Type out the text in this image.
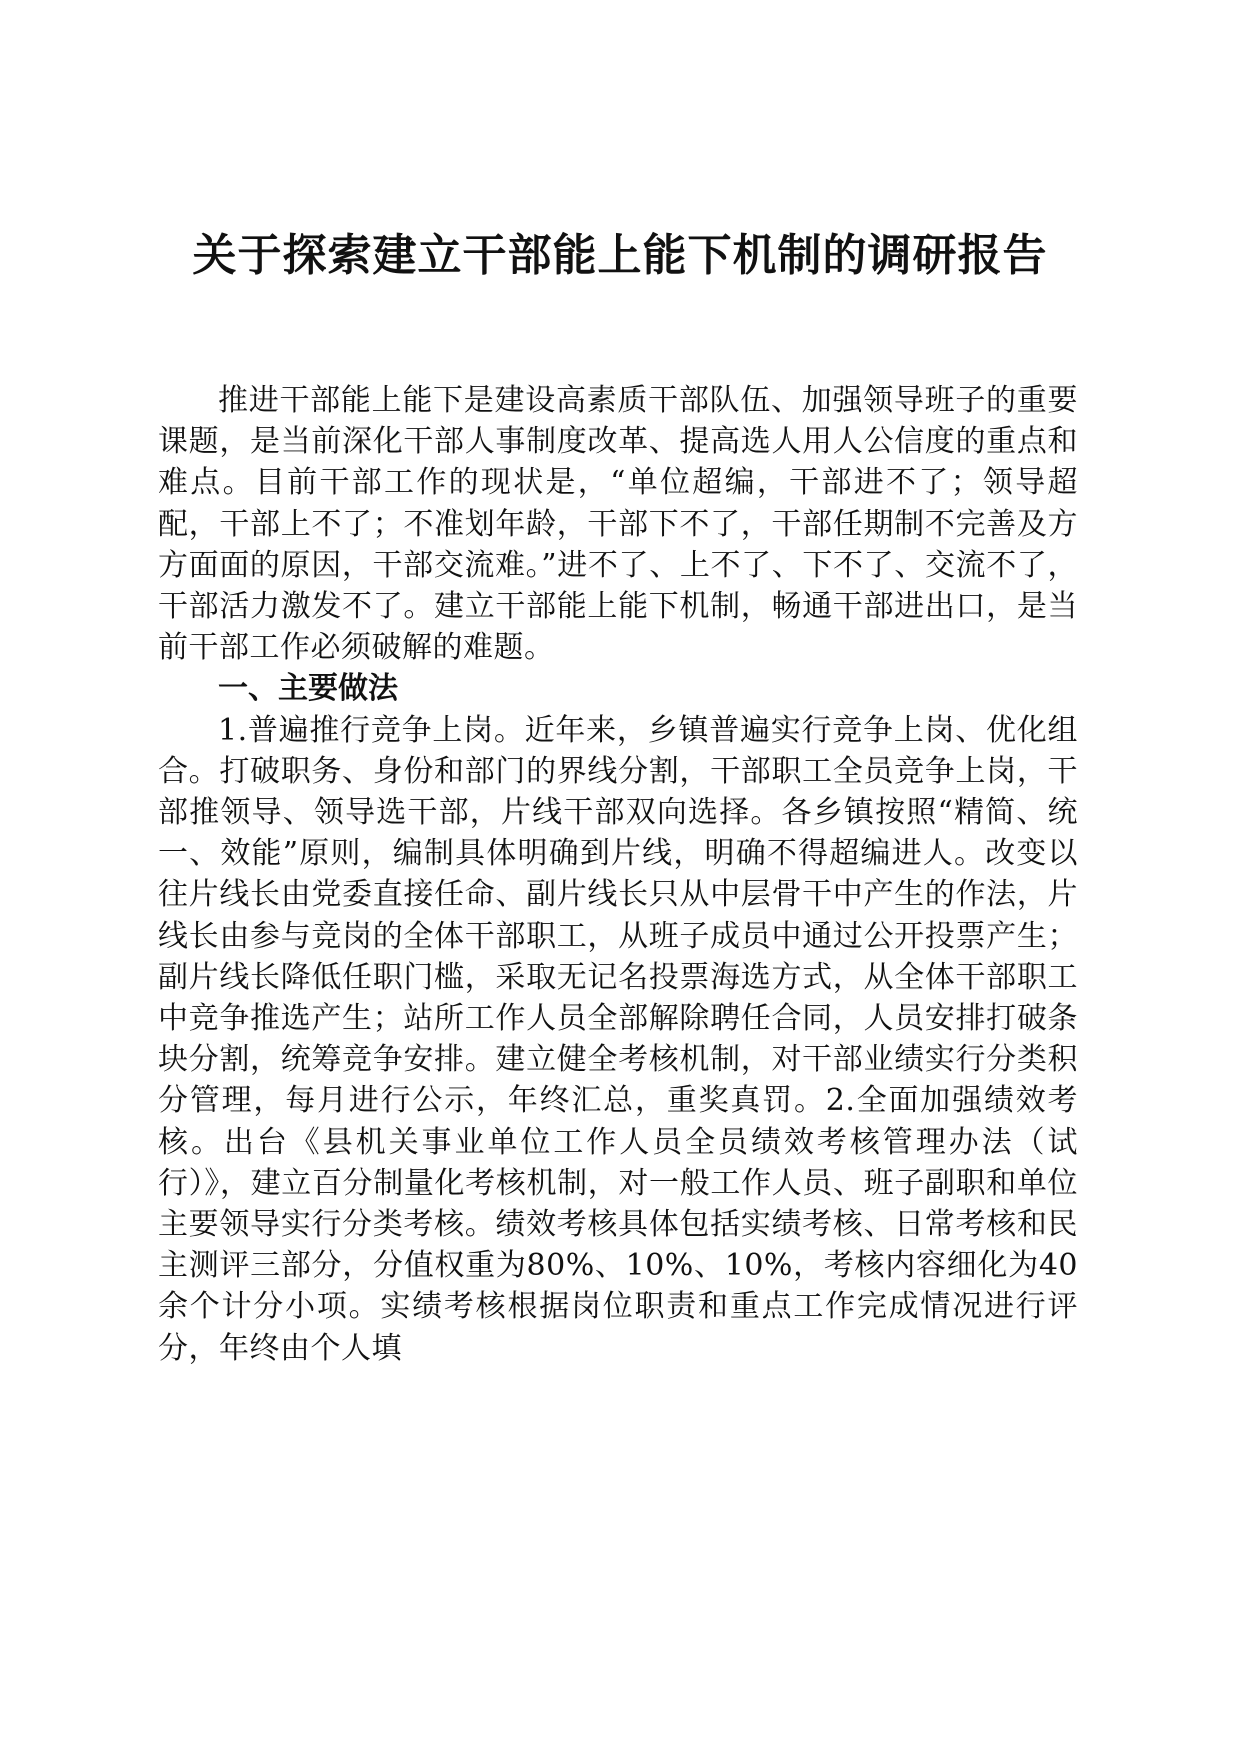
关于探索建立干部能上能下机制的调研报告

推进干部能上能下是建设高素质干部队伍、加强领导班子的重要课题，是当前深化干部人事制度改革、提高选人用人公信度的重点和难点。目前干部工作的现状是，“单位超编，干部进不了；领导超配，干部上不了；不准划年龄，干部下不了，干部任期制不完善及方方面面的原因，干部交流难。”进不了、上不了、下不了、交流不了，干部活力激发不了。建立干部能上能下机制，畅通干部进出口，是当前干部工作必须破解的难题。

一、主要做法

1.普遍推行竞争上岗。近年来，乡镇普遍实行竞争上岗、优化组合。打破职务、身份和部门的界线分割，干部职工全员竞争上岗，干部推领导、领导选干部，片线干部双向选择。各乡镇按照“精简、统一、效能”原则，编制具体明确到片线，明确不得超编进人。改变以往片线长由党委直接任命、副片线长只从中层骨干中产生的作法，片线长由参与竞岗的全体干部职工，从班子成员中通过公开投票产生；副片线长降低任职门槛，采取无记名投票海选方式，从全体干部职工中竞争推选产生；站所工作人员全部解除聘任合同，人员安排打破条块分割，统筹竞争安排。建立健全考核机制，对干部业绩实行分类积分管理，每月进行公示，年终汇总，重奖真罚。2.全面加强绩效考核。出台《县机关事业单位工作人员全员绩效考核管理办法（试行）》，建立百分制量化考核机制，对一般工作人员、班子副职和单位主要领导实行分类考核。绩效考核具体包括实绩考核、日常考核和民主测评三部分，分值权重为80%、10%、10%，考核内容细化为40余个计分小项。实绩考核根据岗位职责和重点工作完成情况进行评分，年终由个人填
